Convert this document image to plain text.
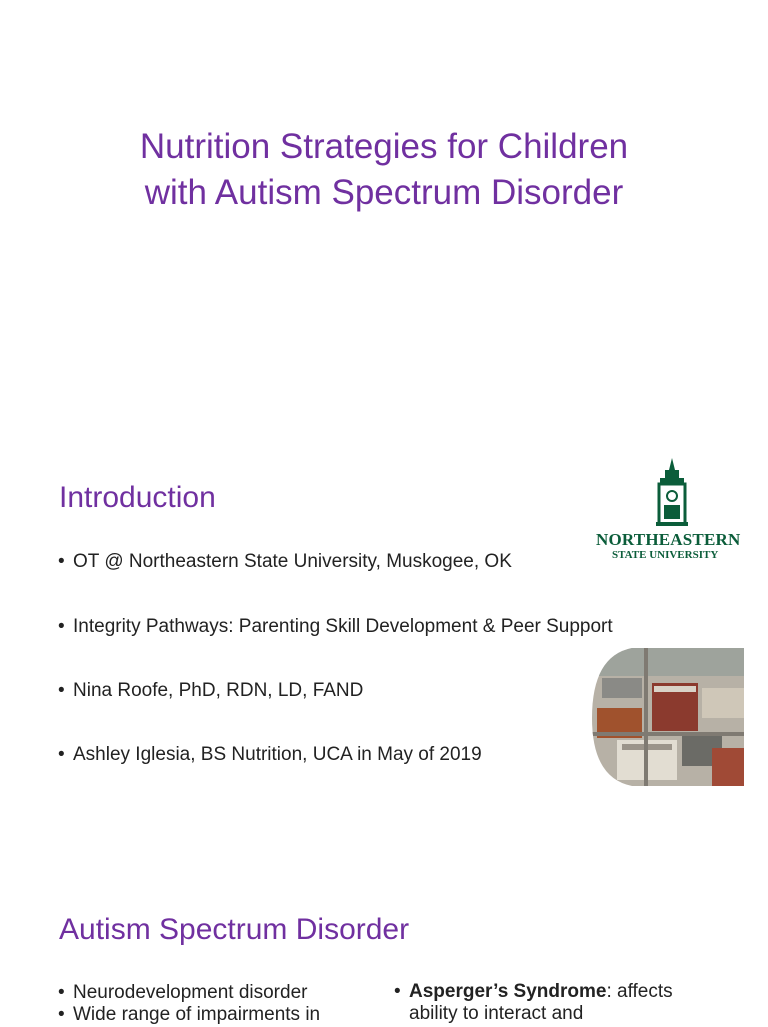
Nutrition Strategies for Children
with Autism Spectrum Disorder
Introduction
• OT @ Northeastern State University, Muskogee, OK
• Integrity Pathways: Parenting Skill Development & Peer Support
• Nina Roofe, PhD, RDN, LD, FAND
• Ashley Iglesia, BS Nutrition, UCA in May of 2019
NORTHEASTERN
STATE UNIVERSITY
Autism Spectrum Disorder
• Neurodevelopment disorder
• Wide range of impairments in
• Asperger’s Syndrome: affects
ability to interact and
